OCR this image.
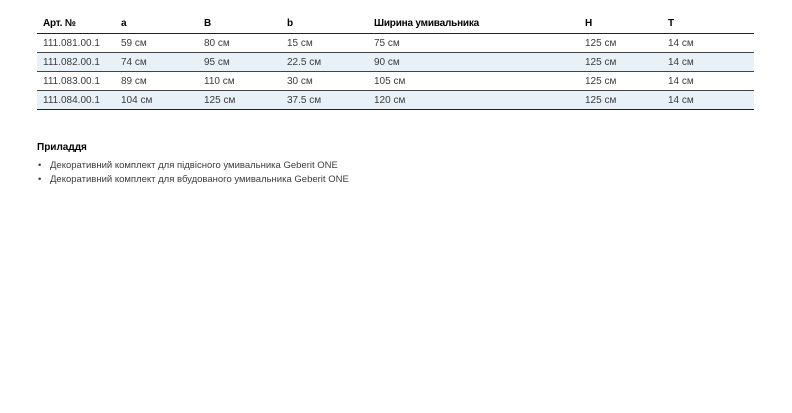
Арт. №	a	B	b	Ширина умивальника	H	T
111.081.00.1	59 см	80 см	15 см	75 см	125 см	14 см
111.082.00.1	74 см	95 см	22.5 см	90 см	125 см	14 см
111.083.00.1	89 см	110 см	30 см	105 см	125 см	14 см
111.084.00.1	104 см	125 см	37.5 см	120 см	125 см	14 см
Приладдя
• Декоративний комплект для підвісного умивальника Geberit ONE
• Декоративний комплект для вбудованого умивальника Geberit ONE
